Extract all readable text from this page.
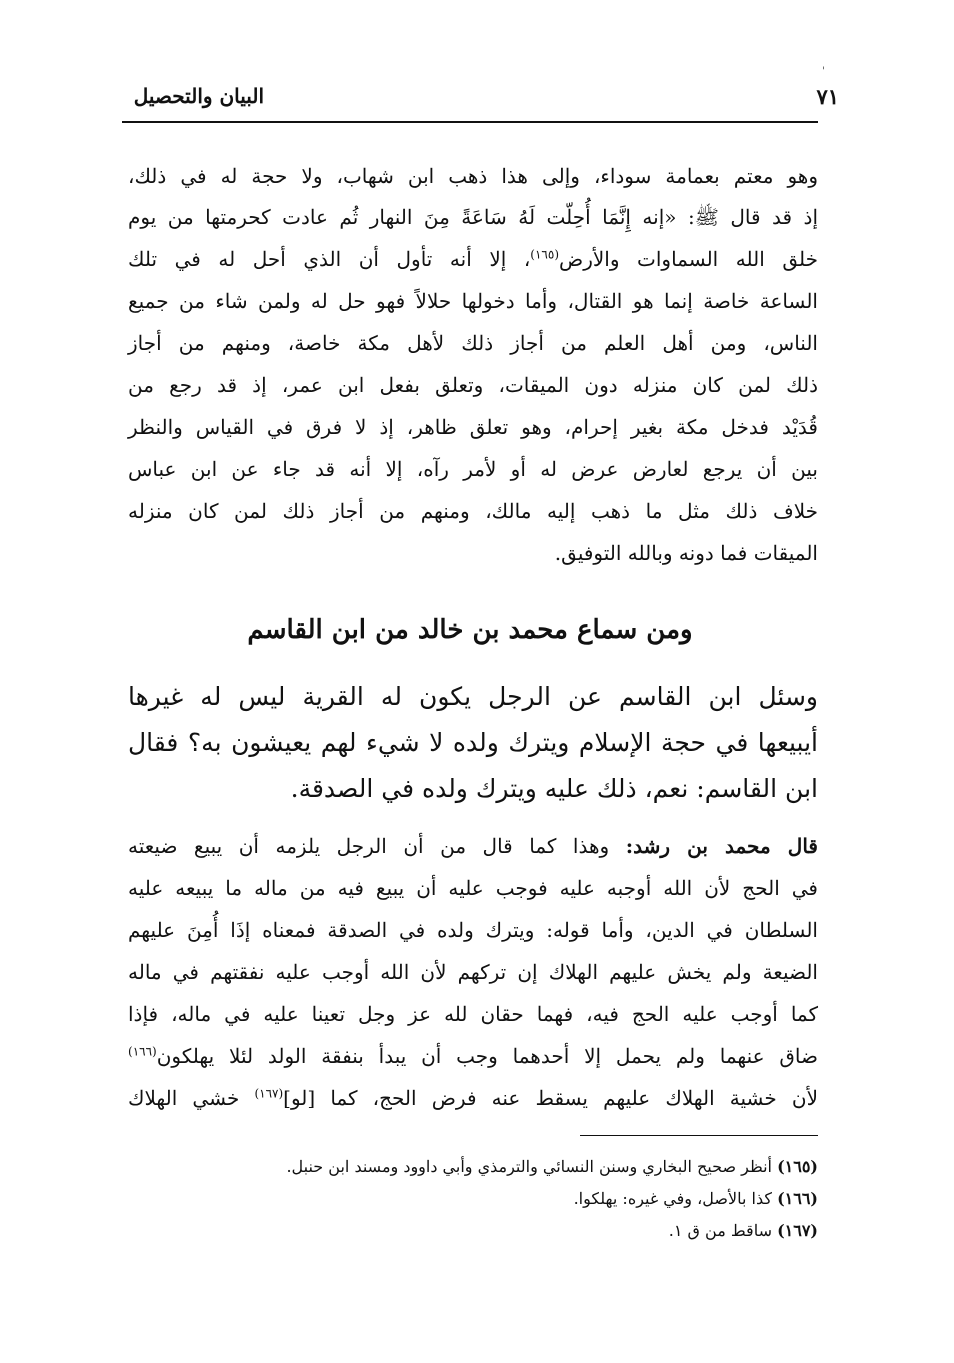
'
٧١
البيان والتحصيل
وهو معتم بعمامة سوداء، وإلى هذا ذهب ابن شهاب، ولا حجة له في ذلك،
إذ قد قال ﷺ: «إنه إِنَّمَا أُحِلّت لَهُ سَاعَةً مِنَ النهار ثُم عادت كحرمتها من يوم
خلق الله السماوات والأرض$^{(١٦٥)}$، إلا أنه تأول أن الذي أحل له في تلك
الساعة خاصة إنما هو القتال، وأما دخولها حلالاً فهو حل له ولمن شاء من جميع
الناس، ومن أهل العلم من أجاز ذلك لأهل مكة خاصة، ومنهم من أجاز
ذلك لمن كان منزله دون الميقات، وتعلق بفعل ابن عمر، إذ قد رجع من
قُدَيْد فدخل مكة بغير إحرام، وهو تعلق ظاهر، إذ لا فرق في القياس والنظر
بين أن يرجع لعارض عرض له أو لأمر رآه، إلا أنه قد جاء عن ابن عباس
خلاف ذلك مثل ما ذهب إليه مالك، ومنهم من أجاز ذلك لمن كان منزله
الميقات فما دونه وبالله التوفيق.
ومن سماع محمد بن خالد من ابن القاسم
وسئل ابن القاسم عن الرجل يكون له القرية ليس له غيرها
أيبيعها في حجة الإسلام ويترك ولده لا شيء لهم يعيشون به؟ فقال
ابن القاسم: نعم، ذلك عليه ويترك ولده في الصدقة.
قال محمد بن رشد: وهذا كما قال من أن الرجل يلزمه أن يبيع ضيعته
في الحج لأن الله أوجبه عليه فوجب عليه أن يبيع فيه من ماله ما يبيعه عليه
السلطان في الدين، وأما قوله: ويترك ولده في الصدقة فمعناه إذَا أُمِنَ عليهم
الضيعة ولم يخش عليهم الهلاك إن تركهم لأن الله أوجب عليه نفقتهم في ماله
كما أوجب عليه الحج فيه، فهما حقان لله عز وجل تعينا عليه في ماله، فإذا
ضاق عنهما ولم يحمل إلا أحدهما وجب أن يبدأ بنفقة الولد لئلا يهلكون$^{(١٦٦)}$
لأن خشية الهلاك عليهم يسقط عنه فرض الحج، كما [لو]$^{(١٦٧)}$ خشي الهلاك
(١٦٥) أنظر صحيح البخاري وسنن النسائي والترمذي وأبي داوود ومسند ابن حنبل.
(١٦٦) كذا بالأصل، وفي غيره: يهلكوا.
(١٦٧) ساقط من ق ١.
